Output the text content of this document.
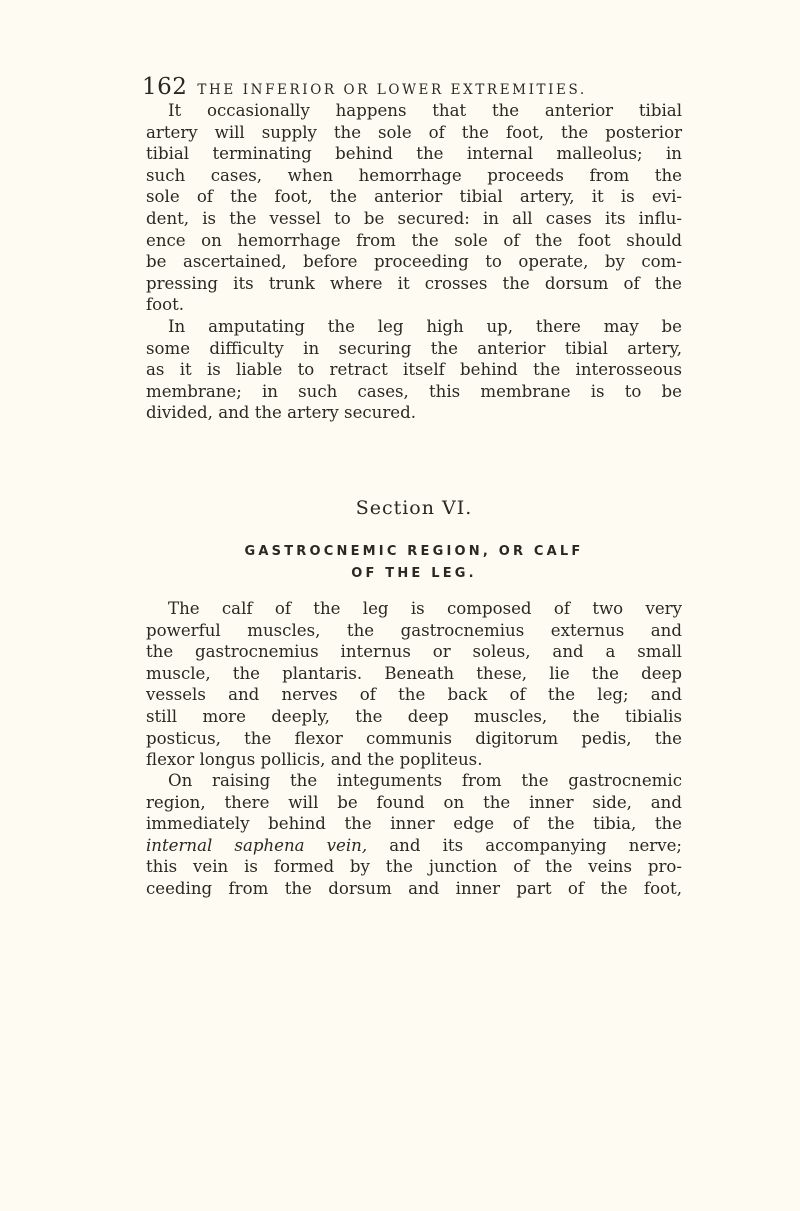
162 THE INFERIOR OR LOWER EXTREMITIES.
It occasionally happens that the anterior tibial
artery will supply the sole of the foot, the posterior
tibial terminating behind the internal malleolus; in
such cases, when hemorrhage proceeds from the
sole of the foot, the anterior tibial artery, it is evi-
dent, is the vessel to be secured: in all cases its influ-
ence on hemorrhage from the sole of the foot should
be ascertained, before proceeding to operate, by com-
pressing its trunk where it crosses the dorsum of the
foot.
In amputating the leg high up, there may be
some difficulty in securing the anterior tibial artery,
as it is liable to retract itself behind the interosseous
membrane; in such cases, this membrane is to be
divided, and the artery secured.
Section VI.
GASTROCNEMIC REGION, OR CALF
OF THE LEG.
The calf of the leg is composed of two very
powerful muscles, the gastrocnemius externus and
the gastrocnemius internus or soleus, and a small
muscle, the plantaris. Beneath these, lie the deep
vessels and nerves of the back of the leg; and
still more deeply, the deep muscles, the tibialis
posticus, the flexor communis digitorum pedis, the
flexor longus pollicis, and the popliteus.
On raising the integuments from the gastrocnemic
region, there will be found on the inner side, and
immediately behind the inner edge of the tibia, the
internal saphena vein, and its accompanying nerve;
this vein is formed by the junction of the veins pro-
ceeding from the dorsum and inner part of the foot,
